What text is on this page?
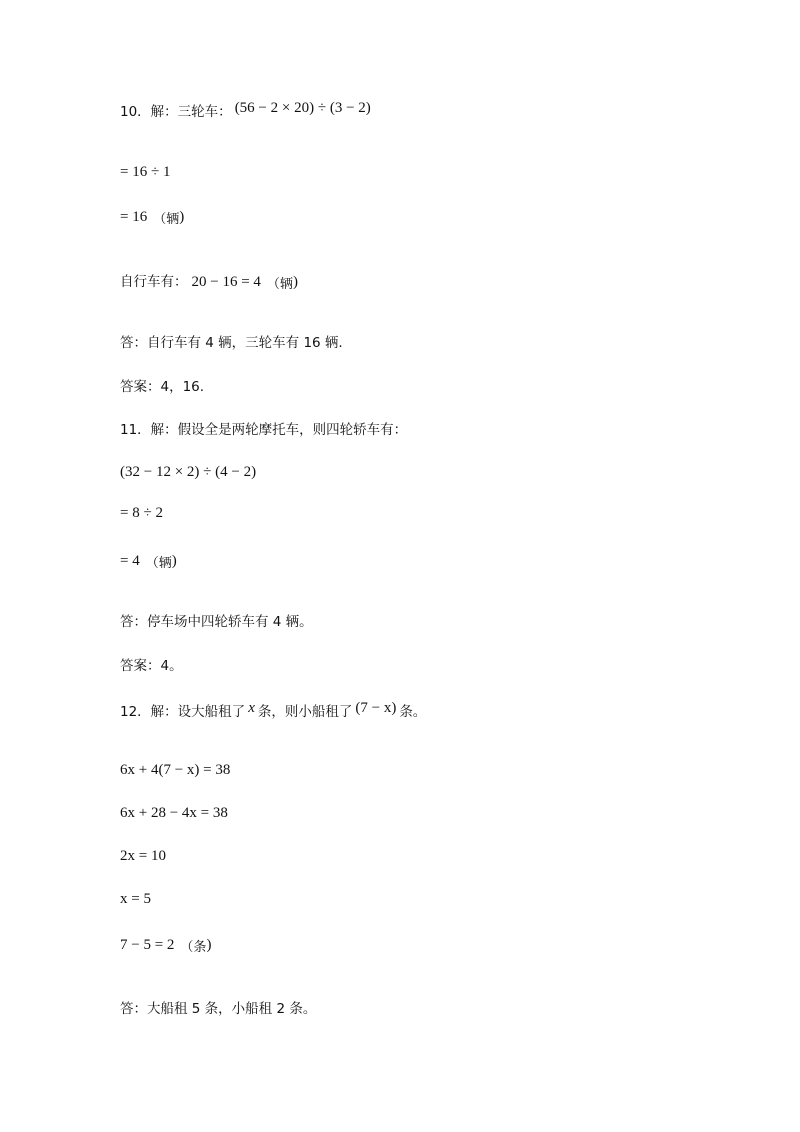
10．解：三轮车： (56 − 2 × 20) ÷ (3 − 2)
= 16 ÷ 1
= 16 （辆)
自行车有： 20 − 16 = 4 （辆)
答：自行车有 4 辆，三轮车有 16 辆.
答案：4，16.
11．解：假设全是两轮摩托车，则四轮轿车有：
(32 − 12 × 2) ÷ (4 − 2)
= 8 ÷ 2
= 4 （辆)
答：停车场中四轮轿车有 4 辆。
答案：4。
12．解：设大船租了 x 条，则小船租了 (7 − x) 条。
6x + 4(7 − x) = 38
6x + 28 − 4x = 38
2x = 10
x = 5
7 − 5 = 2 （条)
答：大船租 5 条，小船租 2 条。
